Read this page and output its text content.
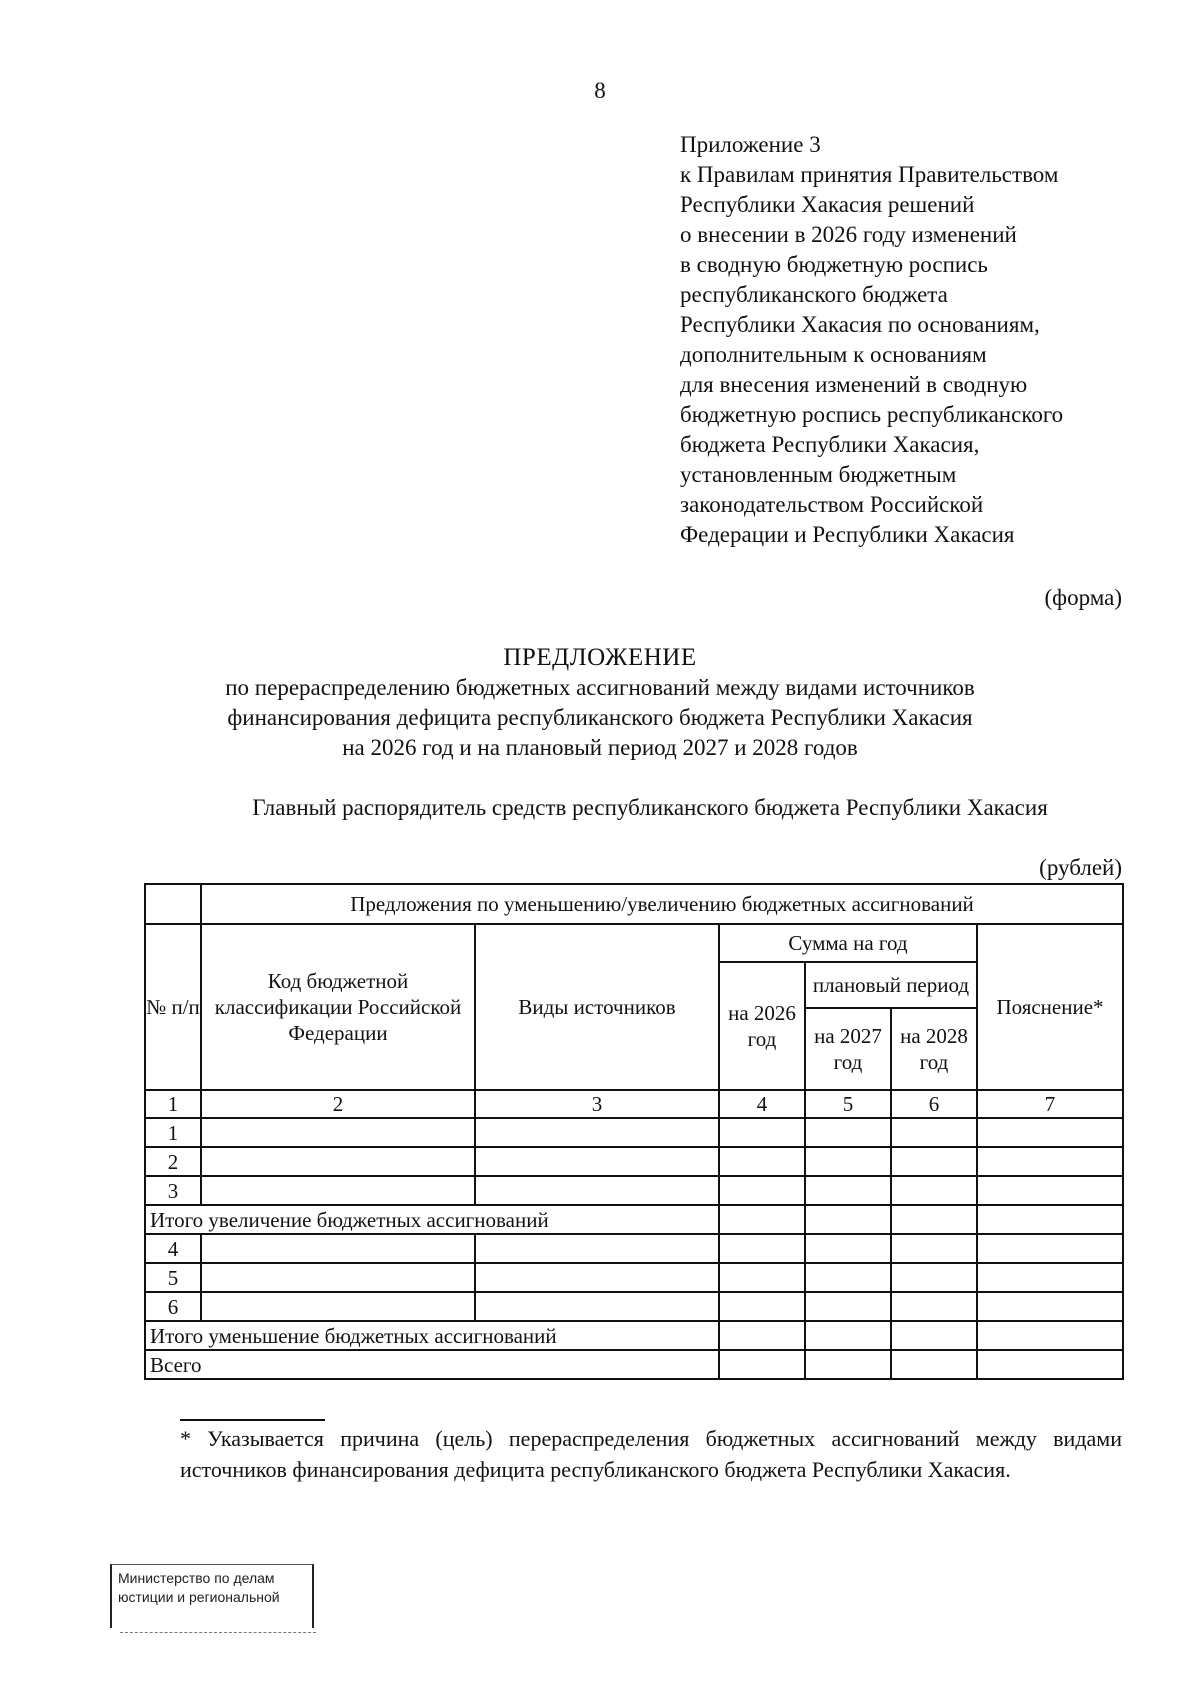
8
Приложение 3
к Правилам принятия Правительством
Республики Хакасия решений
о внесении в 2026 году изменений
в сводную бюджетную роспись
республиканского бюджета
Республики Хакасия по основаниям,
дополнительным к основаниям
для внесения изменений в сводную
бюджетную роспись республиканского
бюджета Республики Хакасия,
установленным бюджетным
законодательством Российской
Федерации и Республики Хакасия
(форма)
ПРЕДЛОЖЕНИЕ
по перераспределению бюджетных ассигнований между видами источников
финансирования дефицита республиканского бюджета Республики Хакасия
на 2026 год и на плановый период 2027 и 2028 годов
Главный распорядитель средств республиканского бюджета Республики Хакасия
(рублей)
	Предложения по уменьшению/увеличению бюджетных ассигнований					
№ п/п	Код бюджетной классификации Российской Федерации	Виды источников	Сумма на год			Пояснение*
			на 2026 год	плановый период		
				на 2027 год	на 2028 год	

1	2	3	4	5	6	7
1						
2						
3						
Итого увеличение бюджетных ассигнований						
4						
5						
6						
Итого уменьшение бюджетных ассигнований						
Всего						
* Указывается причина (цель) перераспределения бюджетных ассигнований между видами источников финансирования дефицита республиканского бюджета Республики Хакасия.
Министерство по делам
юстиции и региональной
